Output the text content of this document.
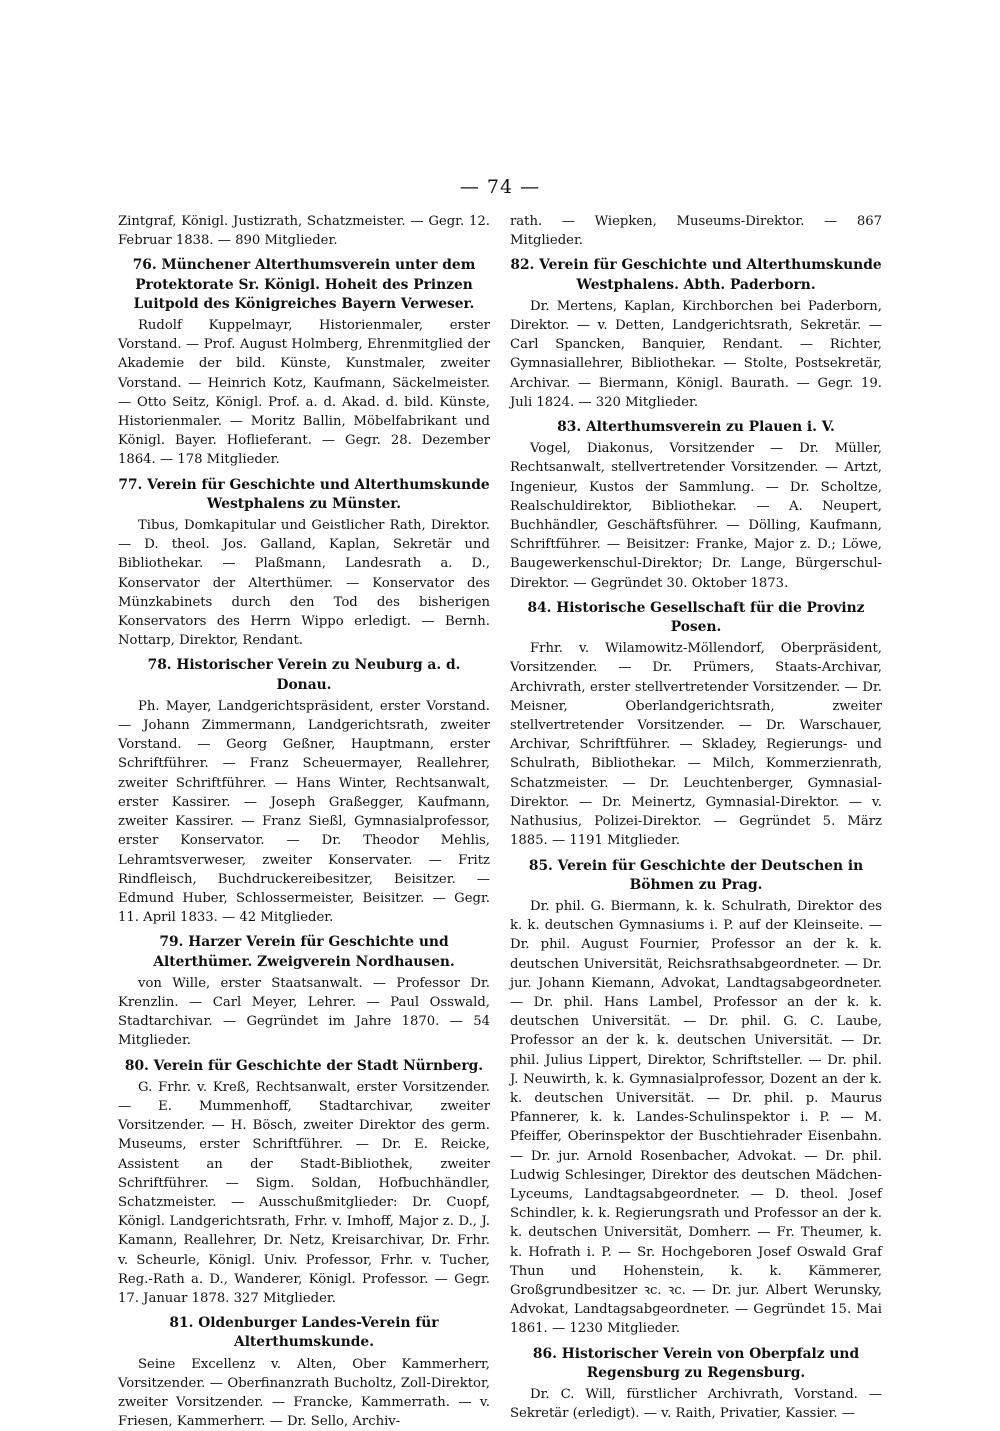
— 74 —

Zintgraf, Königl. Justizrath, Schatzmeister. — Gegr. 12. Februar 1838. — 890 Mitglieder.

76. Münchener Alterthumsverein unter dem Protektorate Sr. Königl. Hoheit des Prinzen Luitpold des Königreiches Bayern Verweser.

Rudolf Kuppelmayr, Historienmaler, erster Vorstand. — Prof. August Holmberg, Ehrenmitglied der Akademie der bild. Künste, Kunstmaler, zweiter Vorstand. — Heinrich Kotz, Kaufmann, Säckelmeister. — Otto Seitz, Königl. Prof. a. d. Akad. d. bild. Künste, Historienmaler. — Moritz Ballin, Möbelfabrikant und Königl. Bayer. Hoflieferant. — Gegr. 28. Dezember 1864. — 178 Mitglieder.

77. Verein für Geschichte und Alterthumskunde Westphalens zu Münster.

Tibus, Domkapitular und Geistlicher Rath, Direktor. — D. theol. Jos. Galland, Kaplan, Sekretär und Bibliothekar. — Plaßmann, Landesrath a. D., Konservator der Alterthümer. — Konservator des Münzkabinets durch den Tod des bisherigen Konservators des Herrn Wippo erledigt. — Bernh. Nottarp, Direktor, Rendant.

78. Historischer Verein zu Neuburg a. d. Donau.

Ph. Mayer, Landgerichtspräsident, erster Vorstand. — Johann Zimmermann, Landgerichtsrath, zweiter Vorstand. — Georg Geßner, Hauptmann, erster Schriftführer. — Franz Scheuermayer, Reallehrer, zweiter Schriftführer. — Hans Winter, Rechtsanwalt, erster Kassirer. — Joseph Graßegger, Kaufmann, zweiter Kassirer. — Franz Sießl, Gymnasialprofessor, erster Konservator. — Dr. Theodor Mehlis, Lehramtsverweser, zweiter Konservater. — Fritz Rindfleisch, Buchdruckereibesitzer, Beisitzer. — Edmund Huber, Schlossermeister, Beisitzer. — Gegr. 11. April 1833. — 42 Mitglieder.

79. Harzer Verein für Geschichte und Alterthümer. Zweigverein Nordhausen.

von Wille, erster Staatsanwalt. — Professor Dr. Krenzlin. — Carl Meyer, Lehrer. — Paul Osswald, Stadtarchivar. — Gegründet im Jahre 1870. — 54 Mitglieder.

80. Verein für Geschichte der Stadt Nürnberg.

G. Frhr. v. Kreß, Rechtsanwalt, erster Vorsitzender. — E. Mummenhoff, Stadtarchivar, zweiter Vorsitzender. — H. Bösch, zweiter Direktor des germ. Museums, erster Schriftführer. — Dr. E. Reicke, Assistent an der Stadt-Bibliothek, zweiter Schriftführer. — Sigm. Soldan, Hofbuchhändler, Schatzmeister. — Ausschußmitglieder: Dr. Cuopf, Königl. Landgerichtsrath, Frhr. v. Imhoff, Major z. D., J. Kamann, Reallehrer, Dr. Netz, Kreisarchivar, Dr. Frhr. v. Scheurle, Königl. Univ. Professor, Frhr. v. Tucher, Reg.-Rath a. D., Wanderer, Königl. Professor. — Gegr. 17. Januar 1878. 327 Mitglieder.

81. Oldenburger Landes-Verein für Alterthumskunde.

Seine Excellenz v. Alten, Ober Kammerherr, Vorsitzender. — Oberfinanzrath Bucholtz, Zoll-Direktor, zweiter Vorsitzender. — Francke, Kammerrath. — v. Friesen, Kammerherr. — Dr. Sello, Archiv-

rath. — Wiepken, Museums-Direktor. — 867 Mitglieder.

82. Verein für Geschichte und Alterthumskunde Westphalens. Abth. Paderborn.

Dr. Mertens, Kaplan, Kirchborchen bei Paderborn, Direktor. — v. Detten, Landgerichtsrath, Sekretär. — Carl Spancken, Banquier, Rendant. — Richter, Gymnasiallehrer, Bibliothekar. — Stolte, Postsekretär, Archivar. — Biermann, Königl. Baurath. — Gegr. 19. Juli 1824. — 320 Mitglieder.

83. Alterthumsverein zu Plauen i. V.

Vogel, Diakonus, Vorsitzender — Dr. Müller, Rechtsanwalt, stellvertretender Vorsitzender. — Artzt, Ingenieur, Kustos der Sammlung. — Dr. Scholtze, Realschuldirektor, Bibliothekar. — A. Neupert, Buchhändler, Geschäftsführer. — Dölling, Kaufmann, Schriftführer. — Beisitzer: Franke, Major z. D.; Löwe, Baugewerkenschul-Direktor; Dr. Lange, Bürgerschul-Direktor. — Gegründet 30. Oktober 1873.

84. Historische Gesellschaft für die Provinz Posen.

Frhr. v. Wilamowitz-Möllendorf, Oberpräsident, Vorsitzender. — Dr. Prümers, Staats-Archivar, Archivrath, erster stellvertretender Vorsitzender. — Dr. Meisner, Oberlandgerichtsrath, zweiter stellvertretender Vorsitzender. — Dr. Warschauer, Archivar, Schriftführer. — Skladey, Regierungs- und Schulrath, Bibliothekar. — Milch, Kommerzienrath, Schatzmeister. — Dr. Leuchtenberger, Gymnasial-Direktor. — Dr. Meinertz, Gymnasial-Direktor. — v. Nathusius, Polizei-Direktor. — Gegründet 5. März 1885. — 1191 Mitglieder.

85. Verein für Geschichte der Deutschen in Böhmen zu Prag.

Dr. phil. G. Biermann, k. k. Schulrath, Direktor des k. k. deutschen Gymnasiums i. P. auf der Kleinseite. — Dr. phil. August Fournier, Professor an der k. k. deutschen Universität, Reichsrathsabgeordneter. — Dr. jur. Johann Kiemann, Advokat, Landtagsabgeordneter. — Dr. phil. Hans Lambel, Professor an der k. k. deutschen Universität. — Dr. phil. G. C. Laube, Professor an der k. k. deutschen Universität. — Dr. phil. Julius Lippert, Direktor, Schriftsteller. — Dr. phil. J. Neuwirth, k. k. Gymnasialprofessor, Dozent an der k. k. deutschen Universität. — Dr. phil. p. Maurus Pfannerer, k. k. Landes-Schulinspektor i. P. — M. Pfeiffer, Oberinspektor der Buschtiehrader Eisenbahn. — Dr. jur. Arnold Rosenbacher, Advokat. — Dr. phil. Ludwig Schlesinger, Direktor des deutschen Mädchen-Lyceums, Landtagsabgeordneter. — D. theol. Josef Schindler, k. k. Regierungsrath und Professor an der k. k. deutschen Universität, Domherr. — Fr. Theumer, k. k. Hofrath i. P. — Sr. Hochgeboren Josef Oswald Graf Thun und Hohenstein, k. k. Kämmerer, Großgrundbesitzer ꝛc. ꝛc. — Dr. jur. Albert Werunsky, Advokat, Landtagsabgeordneter. — Gegründet 15. Mai 1861. — 1230 Mitglieder.

86. Historischer Verein von Oberpfalz und Regensburg zu Regensburg.

Dr. C. Will, fürstlicher Archivrath, Vorstand. — Sekretär (erledigt). — v. Raith, Privatier, Kassier. —
